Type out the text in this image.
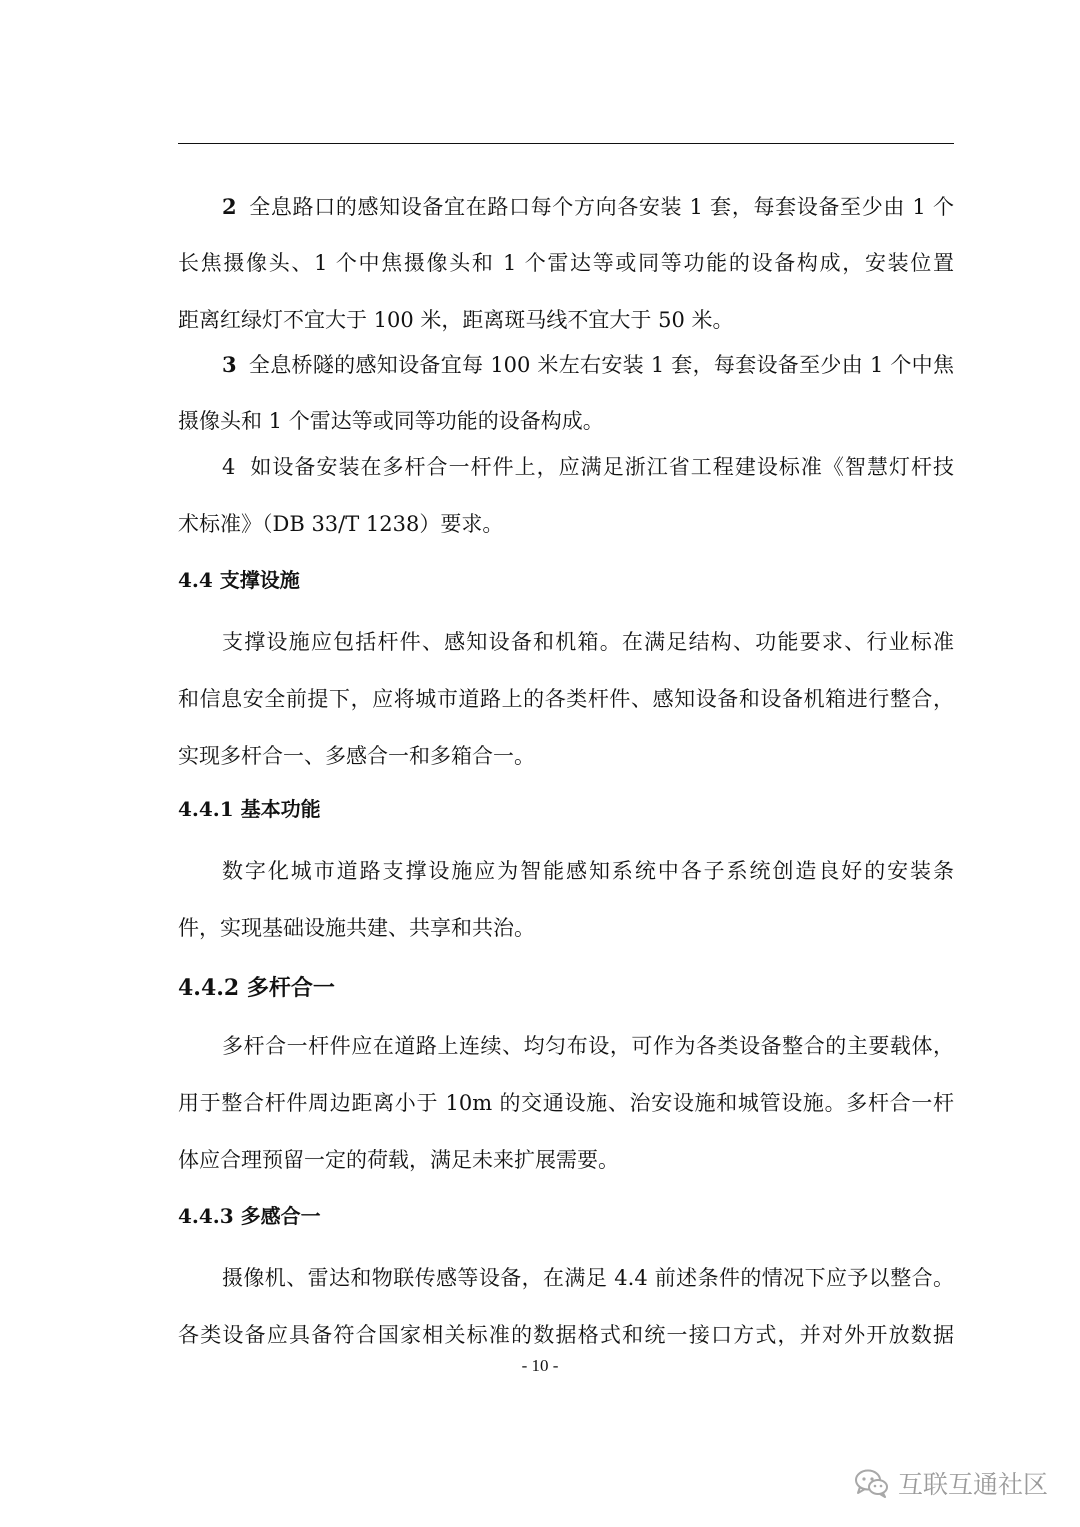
2 全息路口的感知设备宜在路口每个方向各安装 1 套，每套设备至少由 1 个
长焦摄像头、1 个中焦摄像头和 1 个雷达等或同等功能的设备构成，安装位置
距离红绿灯不宜大于 100 米，距离斑马线不宜大于 50 米。
3 全息桥隧的感知设备宜每 100 米左右安装 1 套，每套设备至少由 1 个中焦
摄像头和 1 个雷达等或同等功能的设备构成。
4 如设备安装在多杆合一杆件上，应满足浙江省工程建设标准《智慧灯杆技
术标准》（DB 33/T 1238）要求。
4.4 支撑设施
支撑设施应包括杆件、感知设备和机箱。在满足结构、功能要求、行业标准
和信息安全前提下，应将城市道路上的各类杆件、感知设备和设备机箱进行整合，
实现多杆合一、多感合一和多箱合一。
4.4.1 基本功能
数字化城市道路支撑设施应为智能感知系统中各子系统创造良好的安装条
件，实现基础设施共建、共享和共治。
4.4.2 多杆合一
多杆合一杆件应在道路上连续、均匀布设，可作为各类设备整合的主要载体，
用于整合杆件周边距离小于 10m 的交通设施、治安设施和城管设施。多杆合一杆
体应合理预留一定的荷载，满足未来扩展需要。
4.4.3 多感合一
摄像机、雷达和物联传感等设备，在满足 4.4 前述条件的情况下应予以整合。
各类设备应具备符合国家相关标准的数据格式和统一接口方式，并对外开放数据
- 10 -
互联互通社区
